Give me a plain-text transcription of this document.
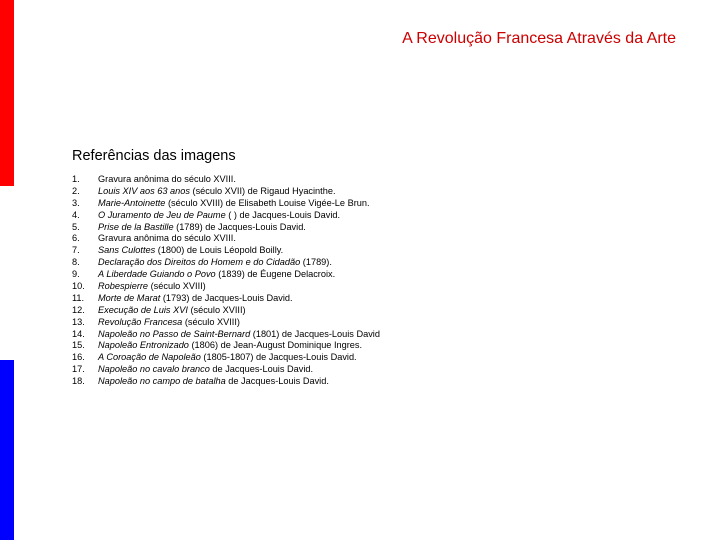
A Revolução Francesa Através da Arte
Referências das imagens
1.	Gravura anônima do século XVIII.
2.	Louis XIV aos 63 anos (século XVII) de Rigaud Hyacinthe.
3.	Marie-Antoinette (século XVIII) de Elisabeth Louise Vigée-Le Brun.
4.	O Juramento de Jeu de Paume ( ) de Jacques-Louis David.
5.	Prise de la Bastille (1789) de Jacques-Louis David.
6.	Gravura anônima do século XVIII.
7.	Sans Culottes (1800) de Louis Léopold Boilly.
8.	Declaração dos Direitos do Homem e do Cidadão (1789).
9.	A Liberdade Guiando o Povo (1839) de Éugene Delacroix.
10.	Robespierre (século XVIII)
11.	Morte de Marat (1793) de Jacques-Louis David.
12.	Execução de Luis XVI (século XVIII)
13.	Revolução Francesa (século XVIII)
14.	Napoleão no Passo de Saint-Bernard (1801) de Jacques-Louis David
15.	Napoleão Entronizado (1806) de Jean-August Dominique Ingres.
16.	A Coroação de Napoleão (1805-1807) de Jacques-Louis David.
17.	Napoleão no cavalo branco de Jacques-Louis David.
18.	Napoleão no campo de batalha de Jacques-Louis David.
